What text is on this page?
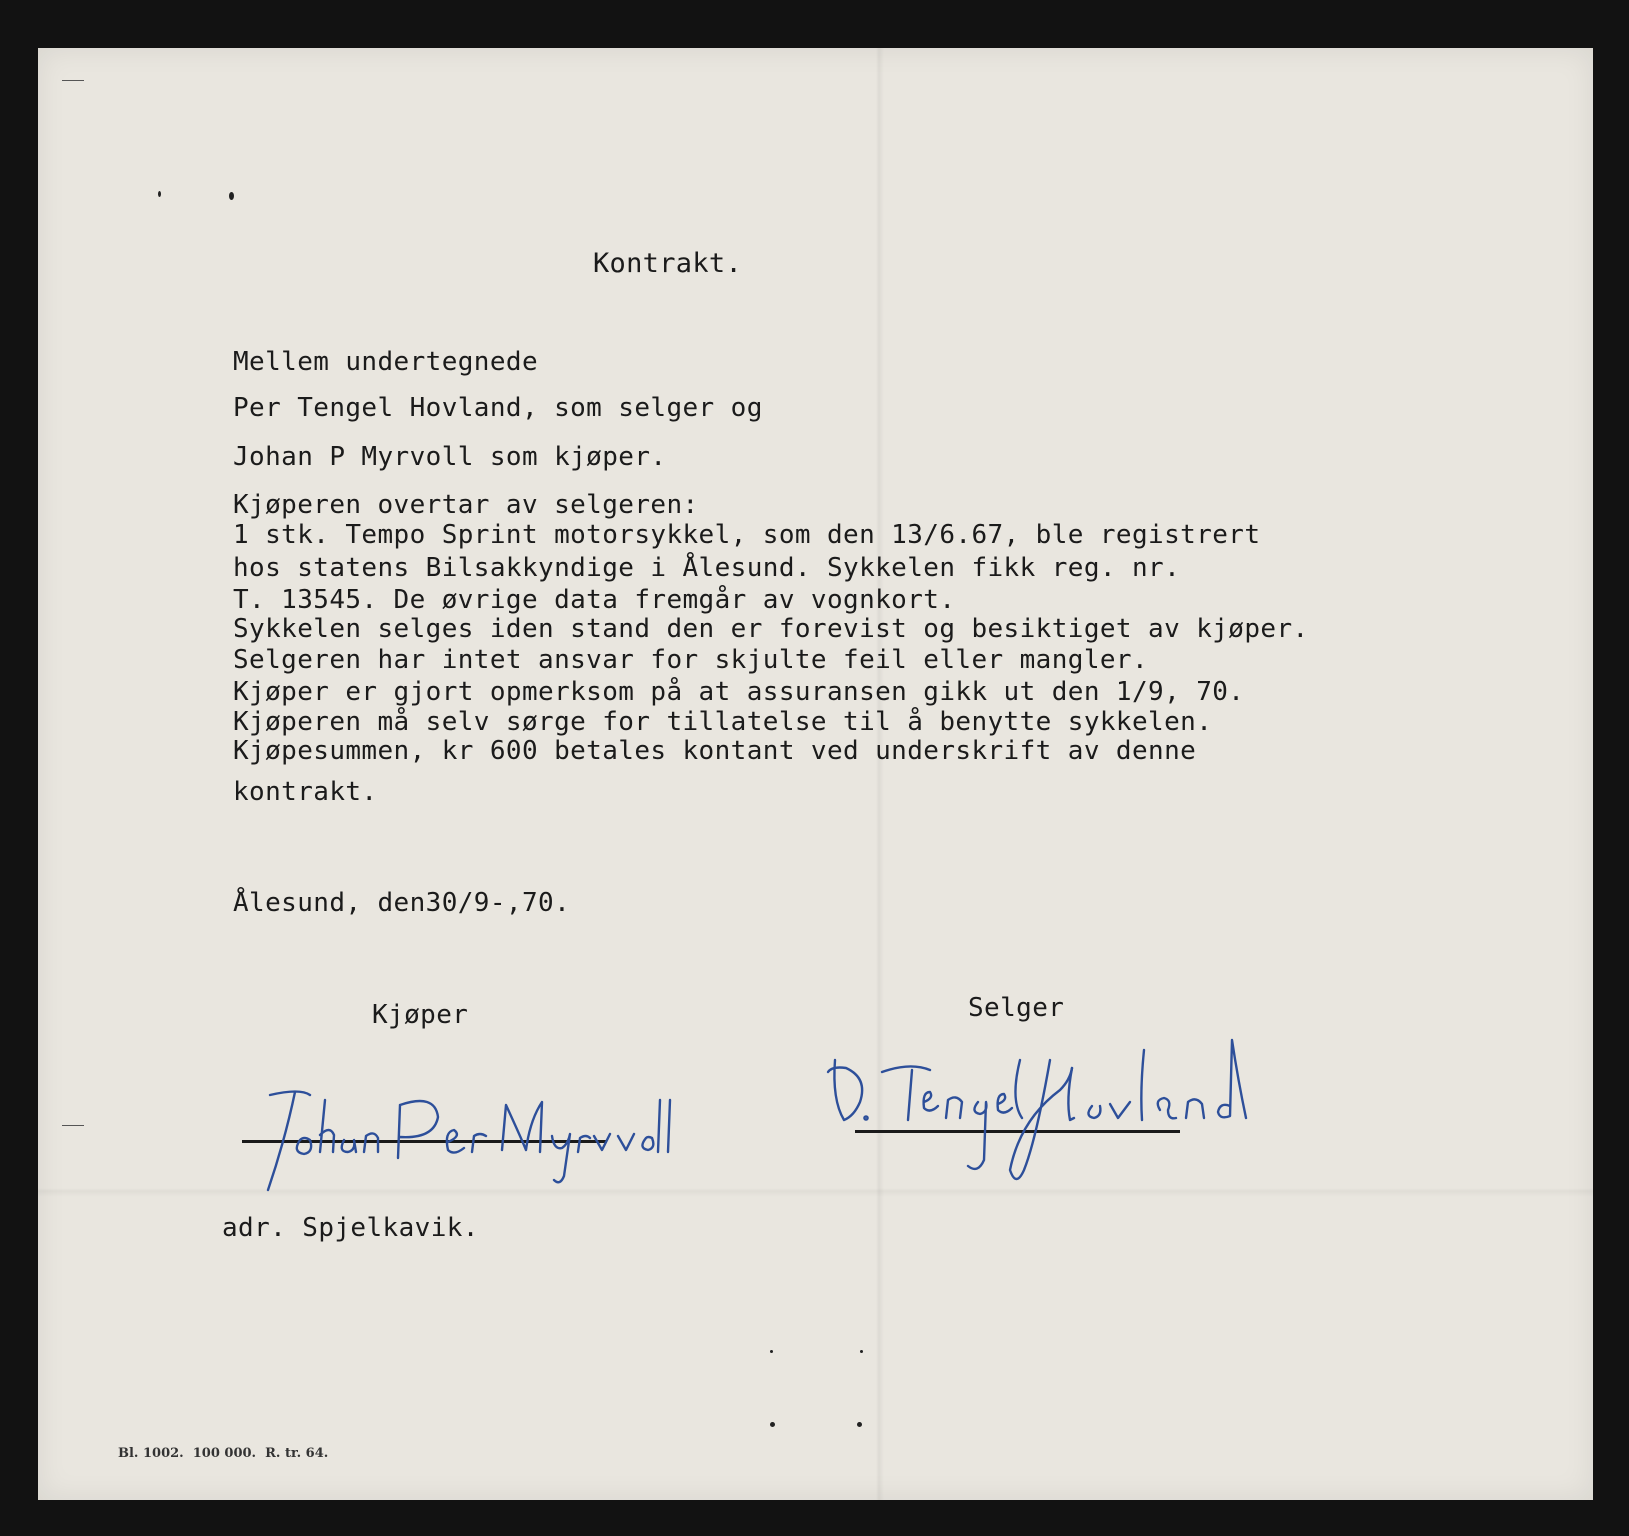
Kontrakt.
Mellem undertegnede
Per Tengel Hovland, som selger og
Johan P Myrvoll som kjøper.
Kjøperen overtar av selgeren:
1 stk. Tempo Sprint motorsykkel, som den 13/6.67, ble registrert
hos statens Bilsakkyndige i Ålesund. Sykkelen fikk reg. nr.
T. 13545. De øvrige data fremgår av vognkort.
Sykkelen selges iden stand den er forevist og besiktiget av kjøper.
Selgeren har intet ansvar for skjulte feil eller mangler.
Kjøper er gjort opmerksom på at assuransen gikk ut den 1/9, 70.
Kjøperen må selv sørge for tillatelse til å benytte sykkelen.
Kjøpesummen, kr 600 betales kontant ved underskrift av denne
kontrakt.
Ålesund, den30/9-,70.
Kjøper	Selger
adr. Spjelkavik.
Bl. 1002.  100 000.  R. tr. 64.
